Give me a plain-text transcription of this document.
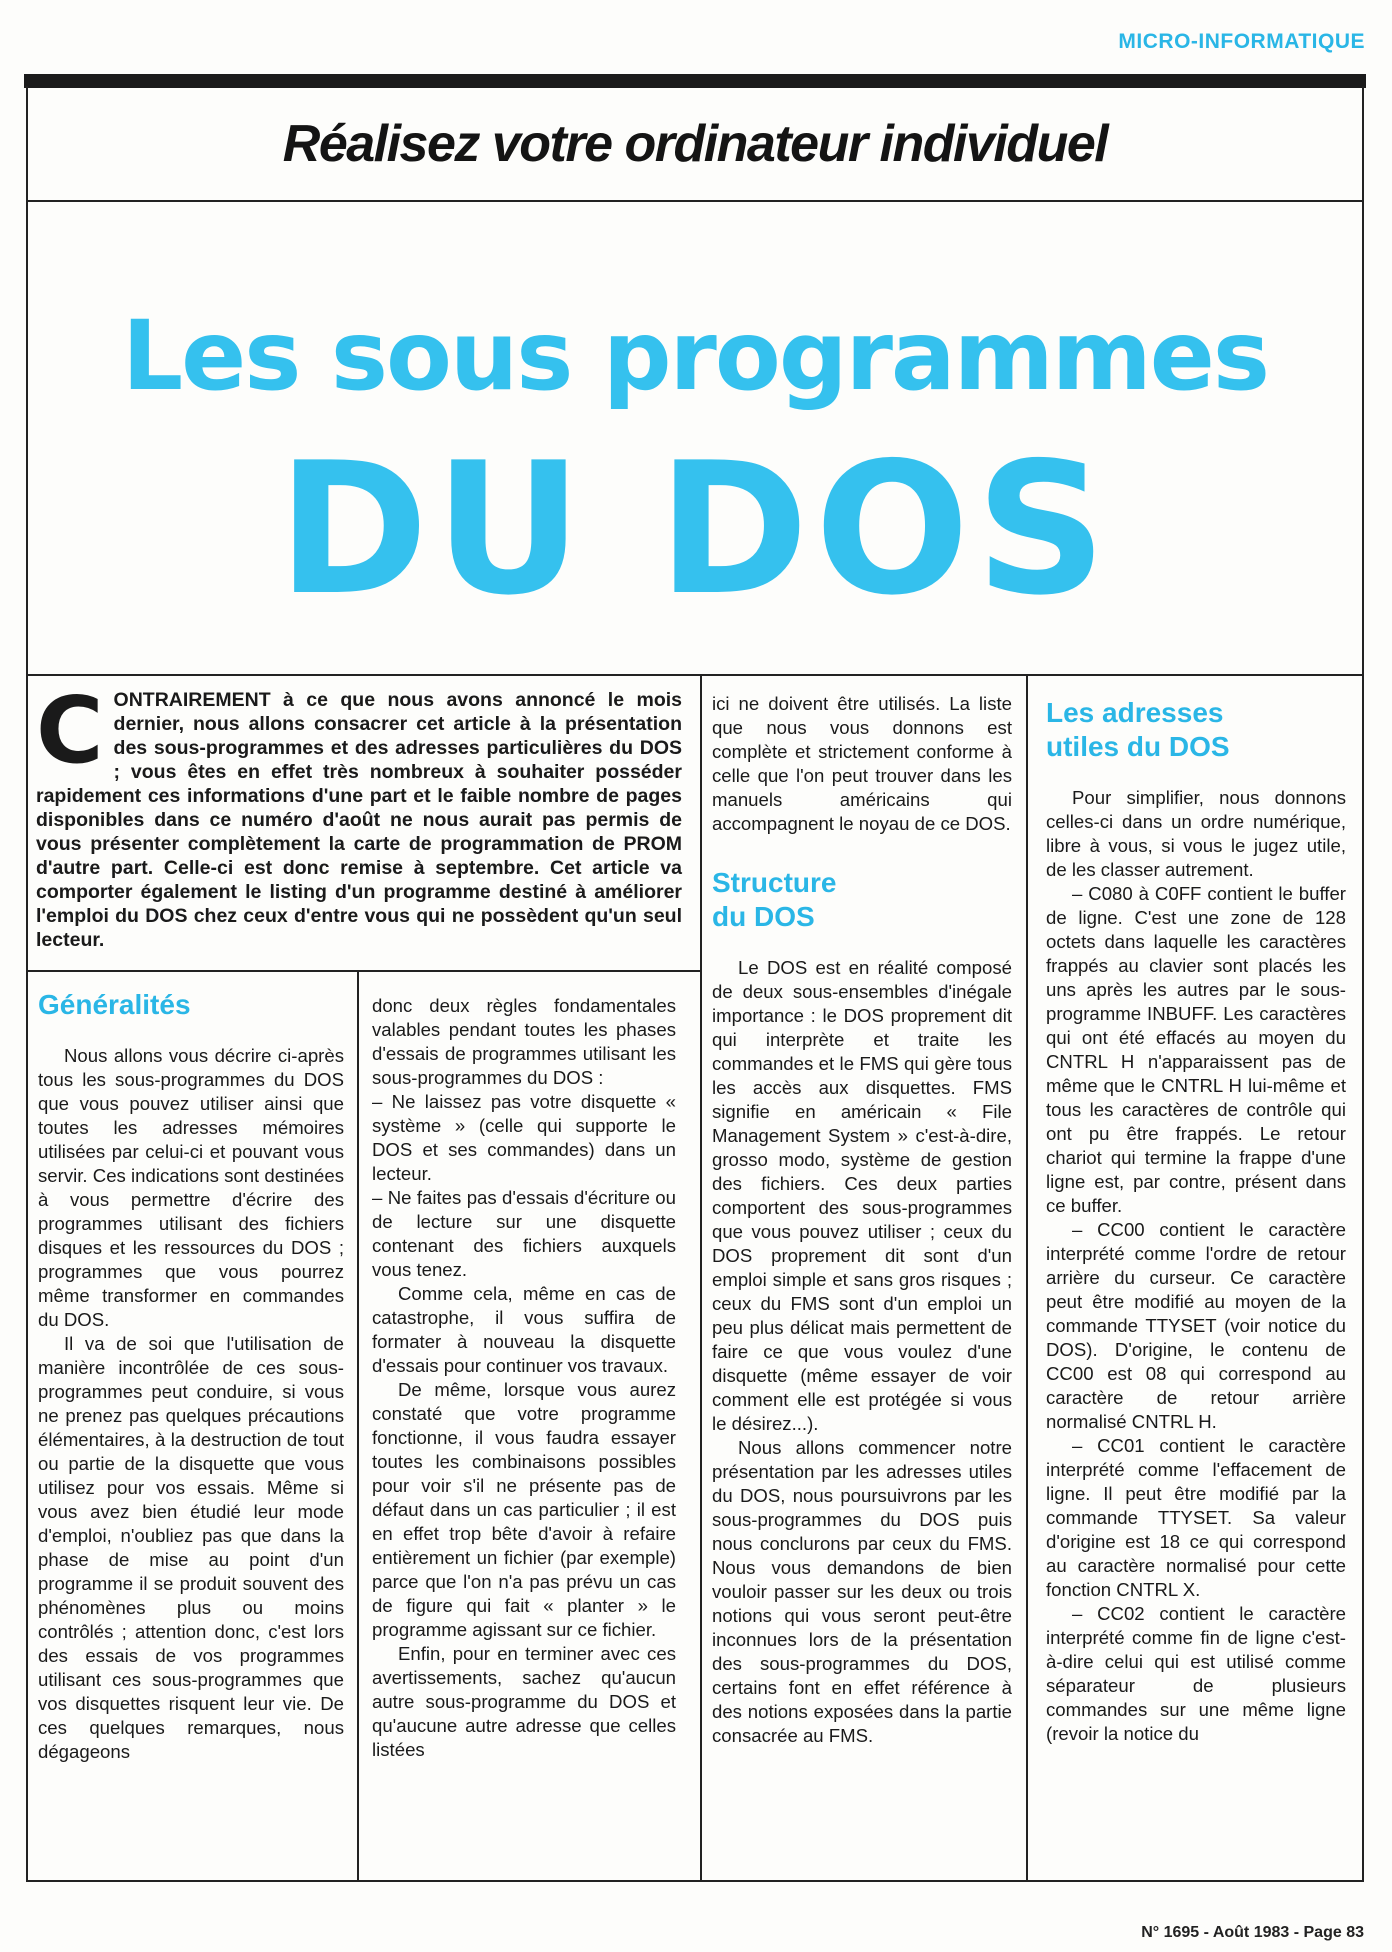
MICRO-INFORMATIQUE
Réalisez votre ordinateur individuel
Les sous programmes
DU DOS
CONTRAIREMENT à ce que nous avons annoncé le mois dernier, nous allons consacrer cet article à la présentation des sous-programmes et des adresses particulières du DOS ; vous êtes en effet très nombreux à souhaiter posséder rapidement ces informations d'une part et le faible nombre de pages disponibles dans ce numéro d'août ne nous aurait pas permis de vous présenter complètement la carte de programmation de PROM d'autre part. Celle-ci est donc remise à septembre. Cet article va comporter également le listing d'un programme destiné à améliorer l'emploi du DOS chez ceux d'entre vous qui ne possèdent qu'un seul lecteur.
Généralités

Nous allons vous décrire ci-après tous les sous-programmes du DOS que vous pouvez utiliser ainsi que toutes les adresses mémoires utilisées par celui-ci et pouvant vous servir. Ces indications sont destinées à vous permettre d'écrire des programmes utilisant des fichiers disques et les ressources du DOS ; programmes que vous pourrez même transformer en commandes du DOS.

Il va de soi que l'utilisation de manière incontrôlée de ces sous-programmes peut conduire, si vous ne prenez pas quelques précautions élémentaires, à la destruction de tout ou partie de la disquette que vous utilisez pour vos essais. Même si vous avez bien étudié leur mode d'emploi, n'oubliez pas que dans la phase de mise au point d'un programme il se produit souvent des phénomènes plus ou moins contrôlés ; attention donc, c'est lors des essais de vos programmes utilisant ces sous-programmes que vos disquettes risquent leur vie. De ces quelques remarques, nous dégageons

donc deux règles fondamentales valables pendant toutes les phases d'essais de programmes utilisant les sous-programmes du DOS :

– Ne laissez pas votre disquette « système » (celle qui supporte le DOS et ses commandes) dans un lecteur.

– Ne faites pas d'essais d'écriture ou de lecture sur une disquette contenant des fichiers auxquels vous tenez.

Comme cela, même en cas de catastrophe, il vous suffira de formater à nouveau la disquette d'essais pour continuer vos travaux.

De même, lorsque vous aurez constaté que votre programme fonctionne, il vous faudra essayer toutes les combinaisons possibles pour voir s'il ne présente pas de défaut dans un cas particulier ; il est en effet trop bête d'avoir à refaire entièrement un fichier (par exemple) parce que l'on n'a pas prévu un cas de figure qui fait « planter » le programme agissant sur ce fichier.

Enfin, pour en terminer avec ces avertissements, sachez qu'aucun autre sous-programme du DOS et qu'aucune autre adresse que celles listées

ici ne doivent être utilisés. La liste que nous vous donnons est complète et strictement conforme à celle que l'on peut trouver dans les manuels américains qui accompagnent le noyau de ce DOS.

Structure
du DOS

Le DOS est en réalité composé de deux sous-ensembles d'inégale importance : le DOS proprement dit qui interprète et traite les commandes et le FMS qui gère tous les accès aux disquettes. FMS signifie en américain « File Management System » c'est-à-dire, grosso modo, système de gestion des fichiers. Ces deux parties comportent des sous-programmes que vous pouvez utiliser ; ceux du DOS proprement dit sont d'un emploi simple et sans gros risques ; ceux du FMS sont d'un emploi un peu plus délicat mais permettent de faire ce que vous voulez d'une disquette (même essayer de voir comment elle est protégée si vous le désirez...).

Nous allons commencer notre présentation par les adresses utiles du DOS, nous poursuivrons par les sous-programmes du DOS puis nous conclurons par ceux du FMS. Nous vous demandons de bien vouloir passer sur les deux ou trois notions qui vous seront peut-être inconnues lors de la présentation des sous-programmes du DOS, certains font en effet référence à des notions exposées dans la partie consacrée au FMS.

Les adresses
utiles du DOS

Pour simplifier, nous donnons celles-ci dans un ordre numérique, libre à vous, si vous le jugez utile, de les classer autrement.

– C080 à C0FF contient le buffer de ligne. C'est une zone de 128 octets dans laquelle les caractères frappés au clavier sont placés les uns après les autres par le sous-programme INBUFF. Les caractères qui ont été effacés au moyen du CNTRL H n'apparaissent pas de même que le CNTRL H lui-même et tous les caractères de contrôle qui ont pu être frappés. Le retour chariot qui termine la frappe d'une ligne est, par contre, présent dans ce buffer.

– CC00 contient le caractère interprété comme l'ordre de retour arrière du curseur. Ce caractère peut être modifié au moyen de la commande TTYSET (voir notice du DOS). D'origine, le contenu de CC00 est 08 qui correspond au caractère de retour arrière normalisé CNTRL H.

– CC01 contient le caractère interprété comme l'effacement de ligne. Il peut être modifié par la commande TTYSET. Sa valeur d'origine est 18 ce qui correspond au caractère normalisé pour cette fonction CNTRL X.

– CC02 contient le caractère interprété comme fin de ligne c'est-à-dire celui qui est utilisé comme séparateur de plusieurs commandes sur une même ligne (revoir la notice du

N° 1695 - Août 1983 - Page 83
